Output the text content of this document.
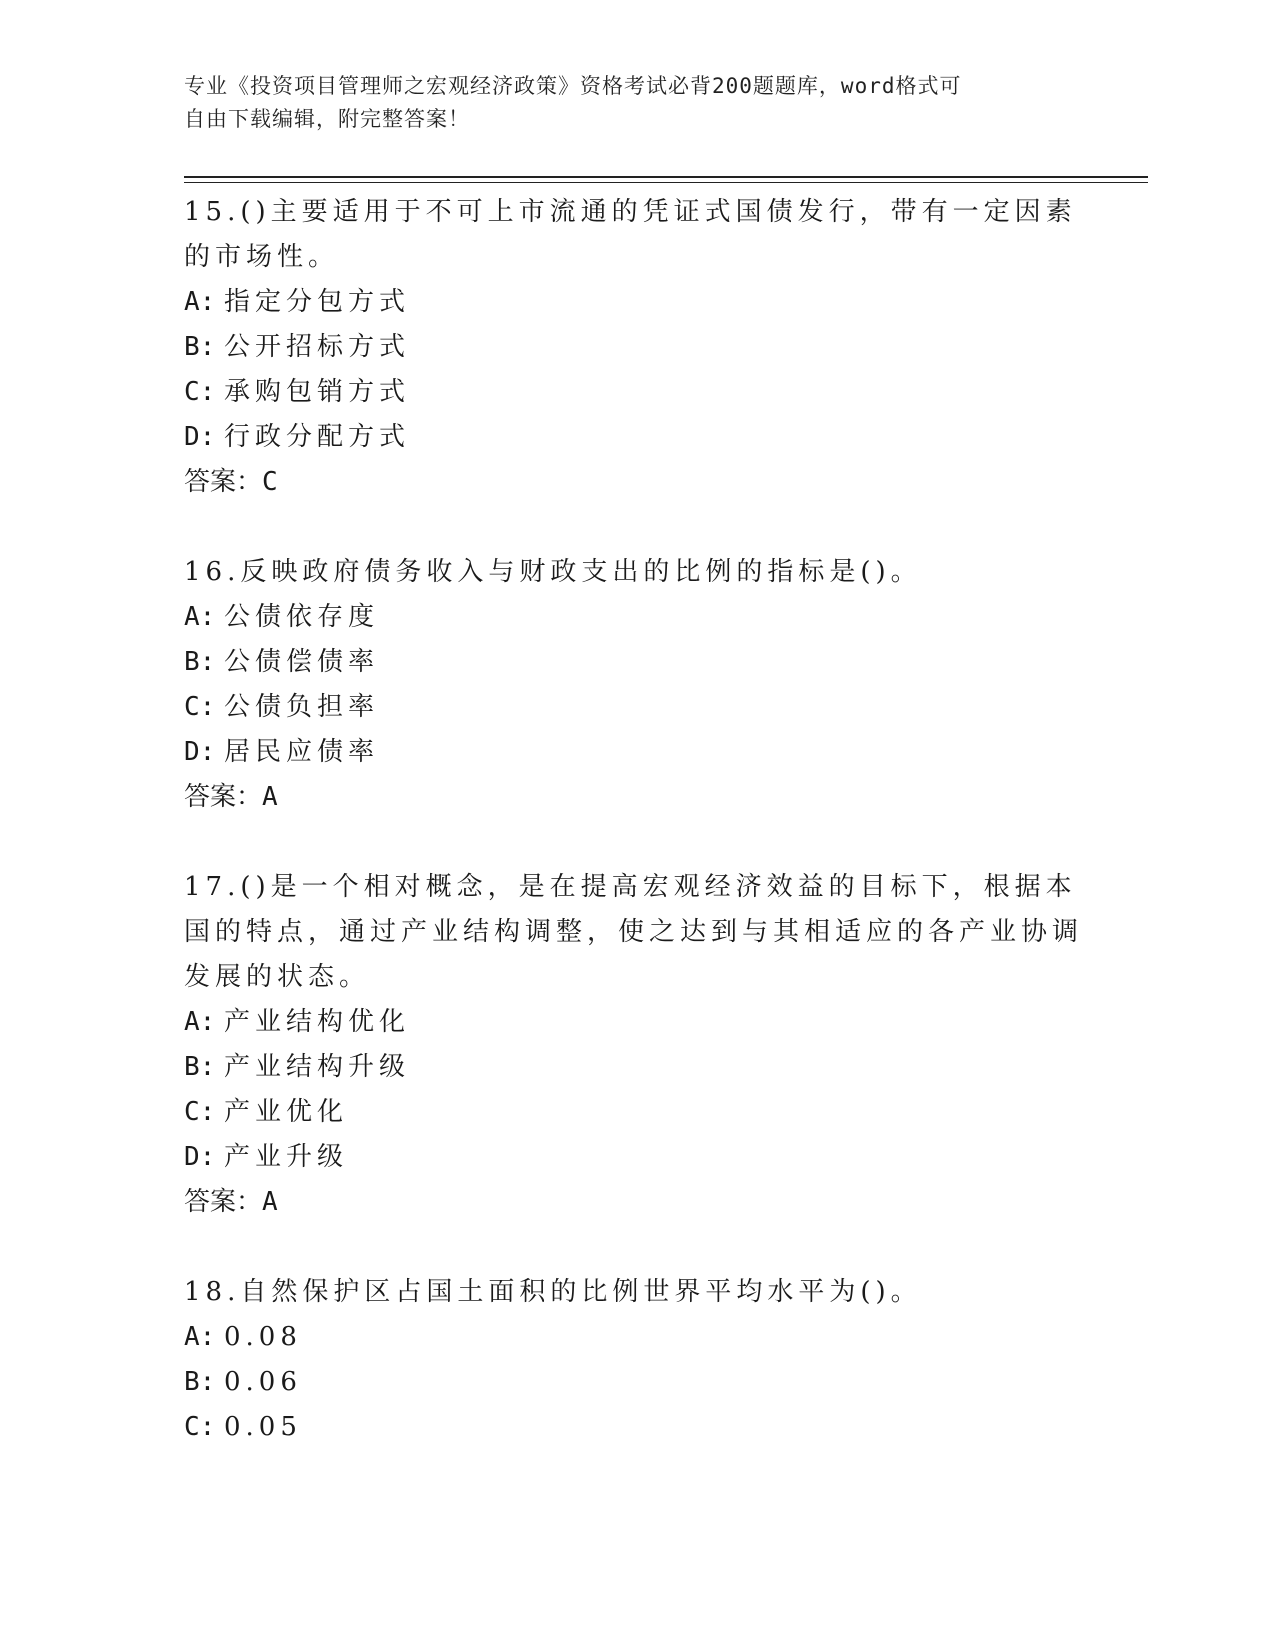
专业《投资项目管理师之宏观经济政策》资格考试必背200题题库，word格式可
自由下载编辑，附完整答案！

15.()主要适用于不可上市流通的凭证式国债发行，带有一定因素的市场性。

A: 指定分包方式

B: 公开招标方式

C: 承购包销方式

D: 行政分配方式

答案：C

16.反映政府债务收入与财政支出的比例的指标是()。

A: 公债依存度

B: 公债偿债率

C: 公债负担率

D: 居民应债率

答案：A

17.()是一个相对概念，是在提高宏观经济效益的目标下，根据本国的特点，通过产业结构调整，使之达到与其相适应的各产业协调发展的状态。

A: 产业结构优化

B: 产业结构升级

C: 产业优化

D: 产业升级

答案：A

18.自然保护区占国土面积的比例世界平均水平为()。

A: 0.08

B: 0.06

C: 0.05
